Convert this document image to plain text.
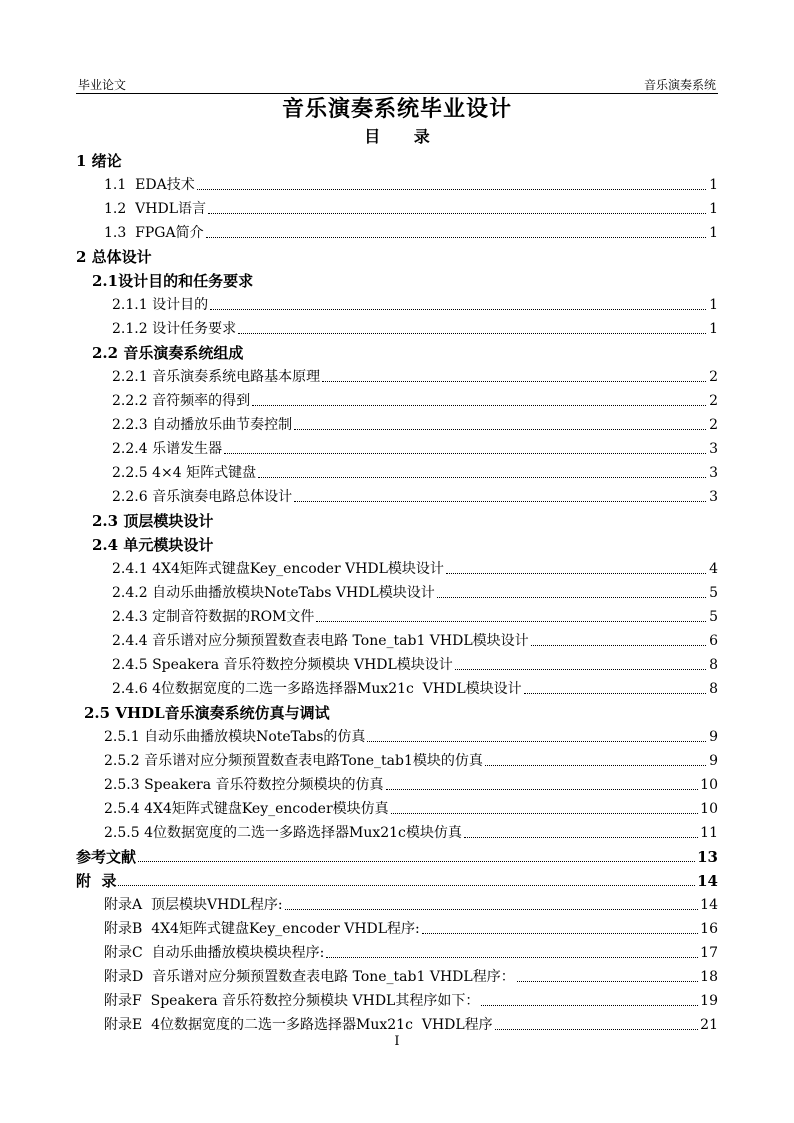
毕业论文	音乐演奏系统
音乐演奏系统毕业设计
目 录
1 绪论
1.1  EDA技术	1
1.2  VHDL语言	1
1.3  FPGA简介	1
2 总体设计
2.1设计目的和任务要求
2.1.1 设计目的	1
2.1.2 设计任务要求	1
2.2 音乐演奏系统组成
2.2.1 音乐演奏系统电路基本原理	2
2.2.2 音符频率的得到	2
2.2.3 自动播放乐曲节奏控制	2
2.2.4 乐谱发生器	3
2.2.5 4×4 矩阵式键盘	3
2.2.6 音乐演奏电路总体设计	3
2.3 顶层模块设计
2.4 单元模块设计
2.4.1 4X4矩阵式键盘Key_encoder VHDL模块设计	4
2.4.2 自动乐曲播放模块NoteTabs VHDL模块设计	5
2.4.3 定制音符数据的ROM文件	5
2.4.4 音乐谱对应分频预置数查表电路 Tone_tab1 VHDL模块设计	6
2.4.5 Speakera 音乐符数控分频模块 VHDL模块设计	8
2.4.6 4位数据宽度的二选一多路选择器Mux21c  VHDL模块设计	8
2.5 VHDL音乐演奏系统仿真与调试
2.5.1 自动乐曲播放模块NoteTabs的仿真	9
2.5.2 音乐谱对应分频预置数查表电路Tone_tab1模块的仿真	9
2.5.3 Speakera 音乐符数控分频模块的仿真	10
2.5.4 4X4矩阵式键盘Key_encoder模块仿真	10
2.5.5 4位数据宽度的二选一多路选择器Mux21c模块仿真	11
参考文献	13
附  录	14
附录A  顶层模块VHDL程序:	14
附录B  4X4矩阵式键盘Key_encoder VHDL程序:	16
附录C  自动乐曲播放模块模块程序:	17
附录D  音乐谱对应分频预置数查表电路 Tone_tab1 VHDL程序：	18
附录F  Speakera 音乐符数控分频模块 VHDL其程序如下：	19
附录E  4位数据宽度的二选一多路选择器Mux21c  VHDL程序	21
I
